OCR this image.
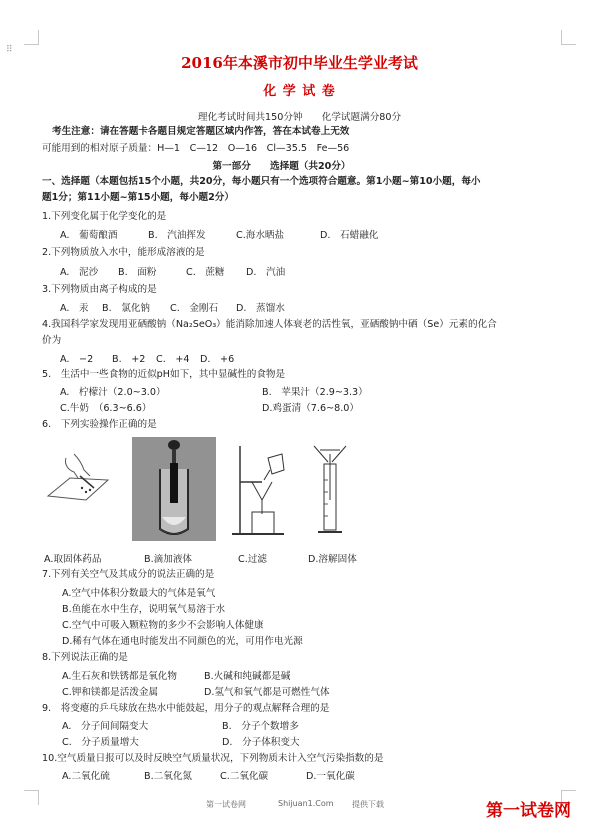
⠿
2016年本溪市初中毕业生学业考试
化 学 试 卷
理化考试时间共150分钟　　化学试题满分80分
考生注意：请在答题卡各题目规定答题区域内作答，答在本试卷上无效
可能用到的相对原子质量：H—1　C—12　O—16　Cl—35.5　Fe—56
第一部分　　选择题（共20分）
一、选择题（本题包括15个小题，共20分，每小题只有一个选项符合题意。第1小题~第10小题，每小
题1分；第11小题~第15小题，每小题2分）
1.下列变化属于化学变化的是
A.　葡萄酿酒	B.　汽油挥发	C.海水晒盐	D.　石蜡融化
2.下列物质放入水中，能形成溶液的是
A.　泥沙 B.　面粉	C.　蔗糖 D.　汽油
3.下列物质由离子构成的是
A.　汞 B.　氯化钠 C.　金刚石 D.　蒸馏水
4.我国科学家发现用亚硒酸钠（Na₂SeO₃）能消除加速人体衰老的活性氧，亚硒酸钠中硒（Se）元素的化合
价为
A.　−2 B.　+2 C.　+4 D.　+6
5.　生活中一些食物的近似pH如下，其中显碱性的食物是
A.　柠檬汁（2.0~3.0）	B.　苹果汁（2.9~3.3）
C.牛奶　（6.3~6.6）	D.鸡蛋清（7.6~8.0）
6.　下列实验操作正确的是
A.取固体药品	B.滴加液体	C.过滤	D.溶解固体
7.下列有关空气及其成分的说法正确的是
A.空气中体积分数最大的气体是氧气
B.鱼能在水中生存，说明氧气易溶于水
C.空气中可吸入颗粒物的多少不会影响人体健康
D.稀有气体在通电时能发出不同颜色的光，可用作电光源
8.下列说法正确的是
A.生石灰和铁锈都是氧化物	B.火碱和纯碱都是碱
C.钾和镁都是活泼金属	D.氢气和氧气都是可燃性气体
9.　将变瘪的乒乓球放在热水中能鼓起，用分子的观点解释合理的是
A.　分子间间隔变大	B.　分子个数增多
C.　分子质量增大	D.　分子体积变大
10.空气质量日报可以及时反映空气质量状况，下列物质未计入空气污染指数的是
A.二氧化硫	B.二氧化氮	C.二氧化碳	D.一氧化碳
第一试卷网	Shijuan1.Com 提供下载	第一试卷网
